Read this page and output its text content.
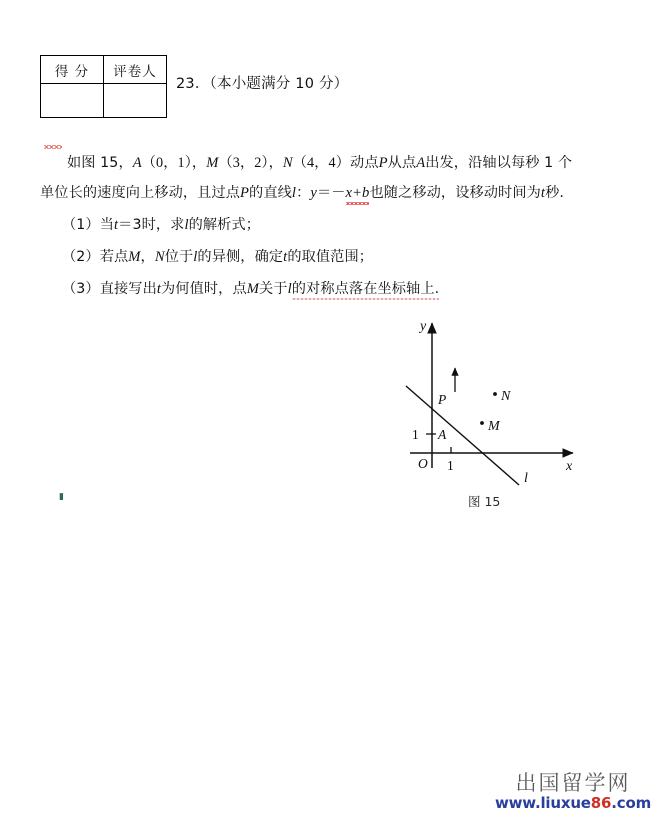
得 分	评卷人

23．（本小题满分 10 分）
▮
如图 15，A（0，1），M（3，2），N（4，4）动点P从点A出发，沿轴以每秒 1 个
单位长的速度向上移动，且过点P的直线l：y＝－x+b也随之移动，设移动时间为t秒.
（1）当t＝3时，求l的解析式；
（2）若点M，N位于l的异侧，确定t的取值范围；
（3）直接写出t为何值时，点M关于l的对称点落在坐标轴上.
y
x
O 1
1 A
P
M
N
l
图 15
出国留学网
www.liuxue86.com
